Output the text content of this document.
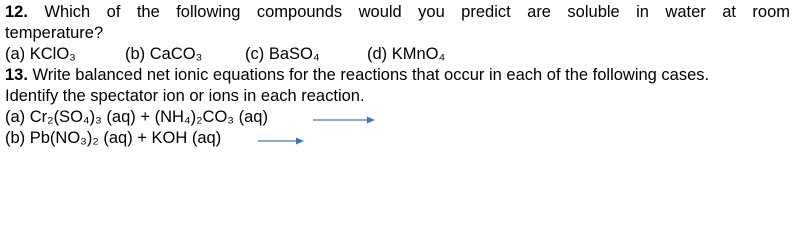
12. Which of the following compounds would you predict are soluble in water at room
temperature?
(a) KClO₃	(b) CaCO₃	(c) BaSO₄	(d) KMnO₄
13. Write balanced net ionic equations for the reactions that occur in each of the following cases.
Identify the spectator ion or ions in each reaction.
(a) Cr₂(SO₄)₃ (aq) + (NH₄)₂CO₃ (aq)
(b) Pb(NO₃)₂ (aq) + KOH (aq)
